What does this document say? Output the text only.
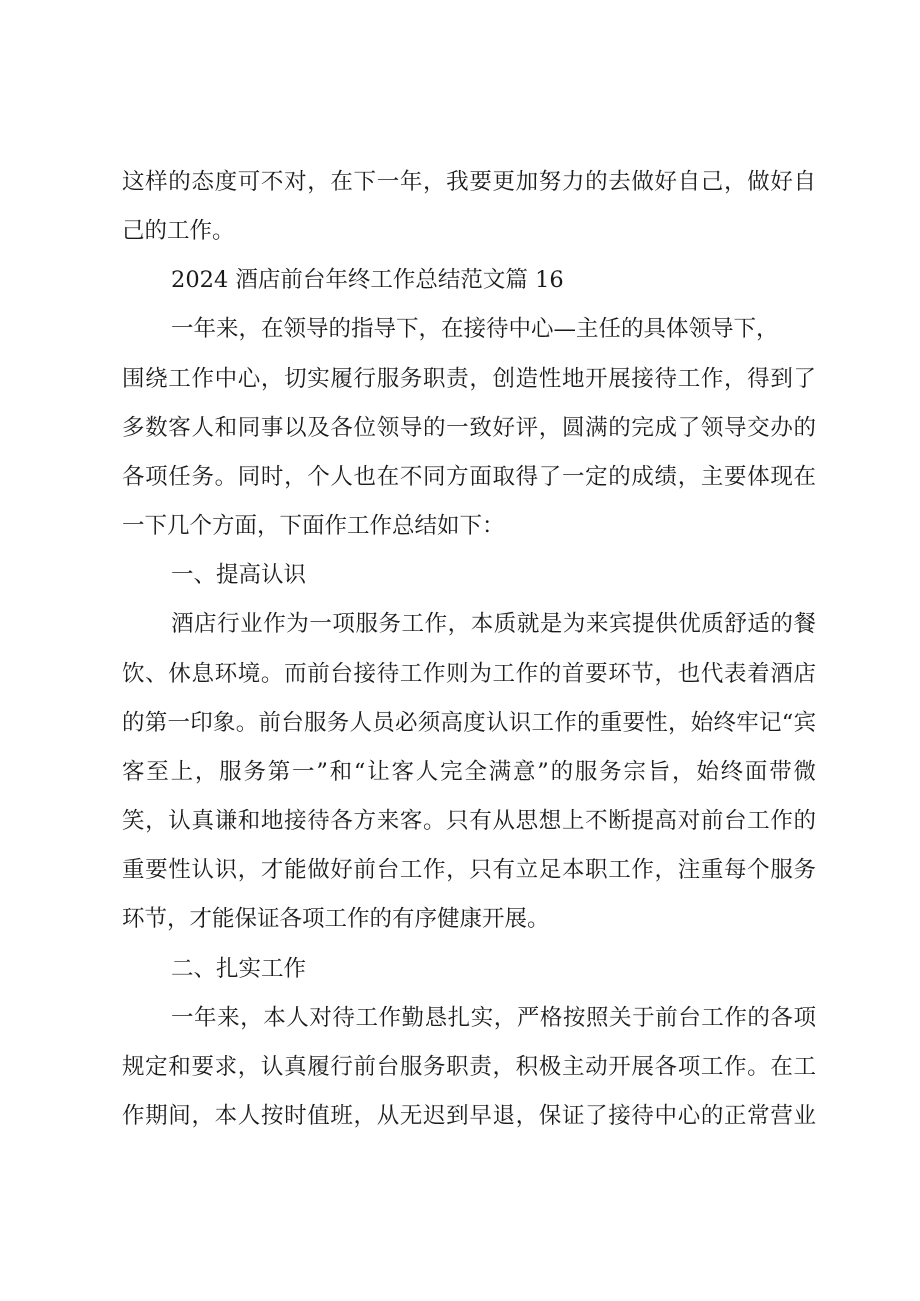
这样的态度可不对，在下一年，我要更加努力的去做好自己，做好自
己的工作。
2024 酒店前台年终工作总结范文篇 16
一年来，在领导的指导下，在接待中心—主任的具体领导下，
围绕工作中心，切实履行服务职责，创造性地开展接待工作，得到了
多数客人和同事以及各位领导的一致好评，圆满的完成了领导交办的
各项任务。同时，个人也在不同方面取得了一定的成绩，主要体现在
一下几个方面，下面作工作总结如下：
一、提高认识
酒店行业作为一项服务工作，本质就是为来宾提供优质舒适的餐
饮、休息环境。而前台接待工作则为工作的首要环节，也代表着酒店
的第一印象。前台服务人员必须高度认识工作的重要性，始终牢记“宾
客至上，服务第一”和“让客人完全满意”的服务宗旨，始终面带微
笑，认真谦和地接待各方来客。只有从思想上不断提高对前台工作的
重要性认识，才能做好前台工作，只有立足本职工作，注重每个服务
环节，才能保证各项工作的有序健康开展。
二、扎实工作
一年来，本人对待工作勤恳扎实，严格按照关于前台工作的各项
规定和要求，认真履行前台服务职责，积极主动开展各项工作。在工
作期间，本人按时值班，从无迟到早退，保证了接待中心的正常营业
